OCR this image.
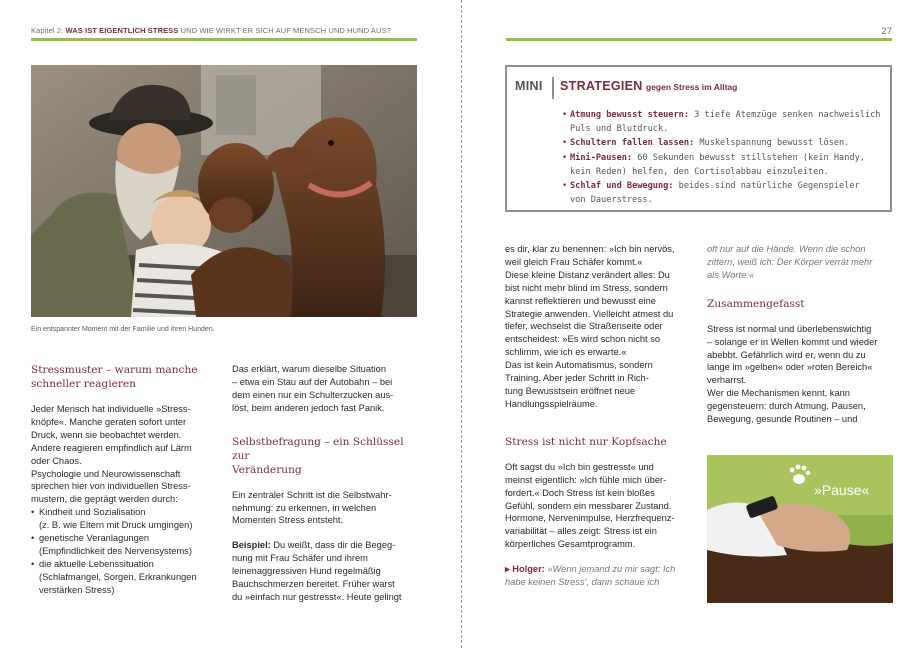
Kapitel 2: WAS IST EIGENTLICH STRESS UND WIE WIRKT ER SICH AUF MENSCH UND HUND AUS?
Ein entspannter Moment mit der Familie und ihren Hunden.
Stressmuster – warum manche
schneller reagieren
Jeder Mensch hat individuelle »Stress-
knöpfe«. Manche geraten sofort unter
Druck, wenn sie beobachtet werden.
Andere reagieren empfindlich auf Lärm
oder Chaos.
Psychologie und Neurowissenschaft
sprechen hier von individuellen Stress-
mustern, die geprägt werden durch:
• Kindheit und Sozialisation
(z. B. wie Eltern mit Druck umgingen)
• genetische Veranlagungen
(Empfindlichkeit des Nervensystems)
• die aktuelle Lebenssituation
(Schlafmangel, Sorgen, Erkrankungen
verstärken Stress)
Das erklärt, warum dieselbe Situation
– etwa ein Stau auf der Autobahn – bei
dem einen nur ein Schulterzucken aus-
löst, beim anderen jedoch fast Panik.
Selbstbefragung – ein Schlüssel zur
Veränderung
Ein zentraler Schritt ist die Selbstwahr-
nehmung: zu erkennen, in welchen
Momenten Stress entsteht.
Beispiel: Du weißt, dass dir die Begeg-
nung mit Frau Schäfer und ihrem
leinenaggressiven Hund regelmäßig
Bauchschmerzen bereitet. Früher warst
du »einfach nur gestresst«. Heute gelingt
27
MINI STRATEGIEN gegen Stress im Alltag
• Atmung bewusst steuern: 3 tiefe Atemzüge senken nachweislich
Puls und Blutdruck.
• Schultern fallen lassen: Muskelspannung bewusst lösen.
• Mini-Pausen: 60 Sekunden bewusst stillstehen (kein Handy,
kein Reden) helfen, den Cortisolabbau einzuleiten.
• Schlaf und Bewegung: beides sind natürliche Gegenspieler
von Dauerstress.
es dir, klar zu benennen: »Ich bin nervös,
weil gleich Frau Schäfer kommt.«
Diese kleine Distanz verändert alles: Du
bist nicht mehr blind im Stress, sondern
kannst reflektieren und bewusst eine
Strategie anwenden. Vielleicht atmest du
tiefer, wechselst die Straßenseite oder
entscheidest: »Es wird schon nicht so
schlimm, wie ich es erwarte.«
Das ist kein Automatismus, sondern
Training. Aber jeder Schritt in Rich-
tung Bewusstsein eröffnet neue
Handlungsspielräume.
Stress ist nicht nur Kopfsache
Oft sagst du »Ich bin gestresst« und
meinst eigentlich: »Ich fühle mich über-
fordert.« Doch Stress ist kein bloßes
Gefühl, sondern ein messbarer Zustand.
Hormone, Nervenimpulse, Herzfrequenz-
variabilität – alles zeigt: Stress ist ein
körperliches Gesamtprogramm.
▸ Holger: »Wenn jemand zu mir sagt: Ich
habe keinen Stress', dann schaue ich
oft nur auf die Hände. Wenn die schon
zittern, weiß ich: Der Körper verrät mehr
als Worte.«
Zusammengefasst
Stress ist normal und überlebenswichtig
– solange er in Wellen kommt und wieder
abebbt. Gefährlich wird er, wenn du zu
lange im »gelben« oder »roten Bereich«
verharrst.
Wer die Mechanismen kennt, kann
gegensteuern: durch Atmung, Pausen,
Bewegung, gesunde Routinen – und
»Pause«
